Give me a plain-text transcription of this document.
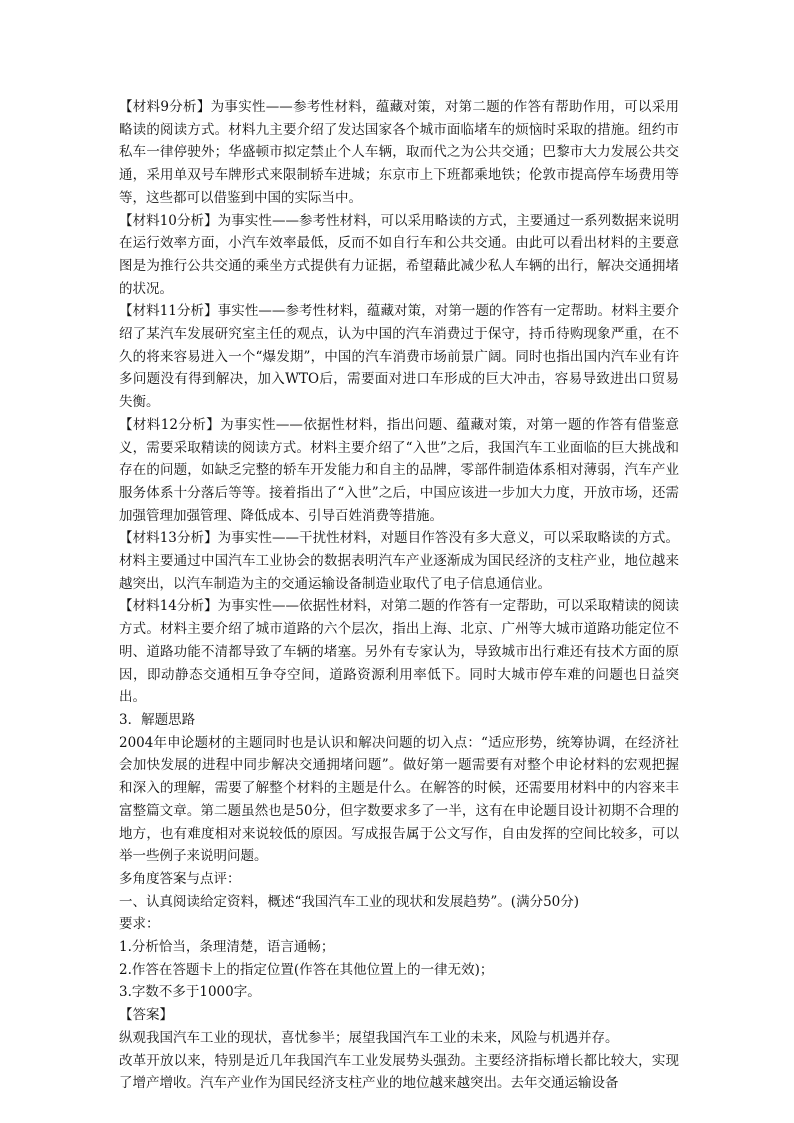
【材料9分析】为事实性——参考性材料，蕴藏对策，对第二题的作答有帮助作用，可以采用略读的阅读方式。材料九主要介绍了发达国家各个城市面临堵车的烦恼时采取的措施。纽约市私车一律停驶外；华盛顿市拟定禁止个人车辆，取而代之为公共交通；巴黎市大力发展公共交通，采用单双号车牌形式来限制轿车进城；东京市上下班都乘地铁；伦敦市提高停车场费用等等，这些都可以借鉴到中国的实际当中。

【材料10分析】为事实性——参考性材料，可以采用略读的方式，主要通过一系列数据来说明在运行效率方面，小汽车效率最低，反而不如自行车和公共交通。由此可以看出材料的主要意图是为推行公共交通的乘坐方式提供有力证据，希望藉此减少私人车辆的出行，解决交通拥堵的状况。

【材料11分析】事实性——参考性材料，蕴藏对策，对第一题的作答有一定帮助。材料主要介绍了某汽车发展研究室主任的观点，认为中国的汽车消费过于保守，持币待购现象严重，在不久的将来容易进入一个“爆发期”，中国的汽车消费市场前景广阔。同时也指出国内汽车业有许多问题没有得到解决，加入WTO后，需要面对进口车形成的巨大冲击，容易导致进出口贸易失衡。

【材料12分析】为事实性——依据性材料，指出问题、蕴藏对策，对第一题的作答有借鉴意义，需要采取精读的阅读方式。材料主要介绍了“入世”之后，我国汽车工业面临的巨大挑战和存在的问题，如缺乏完整的轿车开发能力和自主的品牌，零部件制造体系相对薄弱，汽车产业服务体系十分落后等等。接着指出了“入世”之后，中国应该进一步加大力度，开放市场，还需加强管理加强管理、降低成本、引导百姓消费等措施。

【材料13分析】为事实性——干扰性材料，对题目作答没有多大意义，可以采取略读的方式。材料主要通过中国汽车工业协会的数据表明汽车产业逐渐成为国民经济的支柱产业，地位越来越突出，以汽车制造为主的交通运输设备制造业取代了电子信息通信业。

【材料14分析】为事实性——依据性材料，对第二题的作答有一定帮助，可以采取精读的阅读方式。材料主要介绍了城市道路的六个层次，指出上海、北京、广州等大城市道路功能定位不明、道路功能不清都导致了车辆的堵塞。另外有专家认为，导致城市出行难还有技术方面的原因，即动静态交通相互争夺空间，道路资源利用率低下。同时大城市停车难的问题也日益突出。

3．解题思路

2004年申论题材的主题同时也是认识和解决问题的切入点：“适应形势，统筹协调，在经济社会加快发展的进程中同步解决交通拥堵问题”。做好第一题需要有对整个申论材料的宏观把握和深入的理解，需要了解整个材料的主题是什么。在解答的时候，还需要用材料中的内容来丰富整篇文章。第二题虽然也是50分，但字数要求多了一半，这有在申论题目设计初期不合理的地方，也有难度相对来说较低的原因。写成报告属于公文写作，自由发挥的空间比较多，可以举一些例子来说明问题。

多角度答案与点评：

一、认真阅读给定资料，概述“我国汽车工业的现状和发展趋势”。(满分50分)

要求：

1.分析恰当，条理清楚，语言通畅；

2.作答在答题卡上的指定位置(作答在其他位置上的一律无效)；

3.字数不多于1000字。

【答案】

纵观我国汽车工业的现状，喜忧参半；展望我国汽车工业的未来，风险与机遇并存。

改革开放以来，特别是近几年我国汽车工业发展势头强劲。主要经济指标增长都比较大，实现了增产增收。汽车产业作为国民经济支柱产业的地位越来越突出。去年交通运输设备
